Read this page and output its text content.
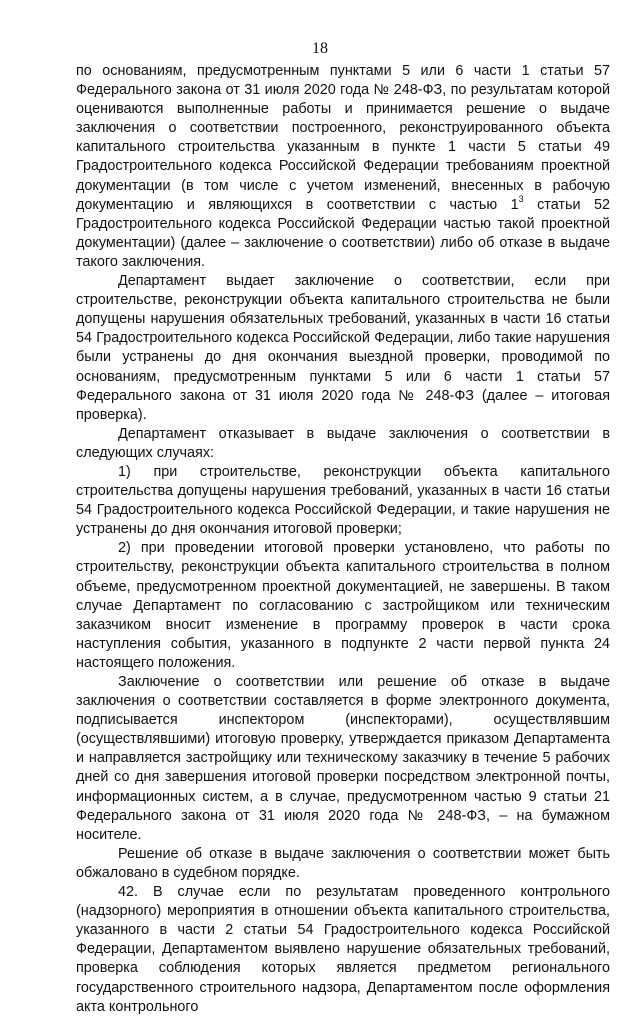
18

по основаниям, предусмотренным пунктами 5 или 6 части 1 статьи 57 Федерального закона от 31 июля 2020 года № 248-ФЗ, по результатам которой оцениваются выполненные работы и принимается решение о выдаче заключения о соответствии построенного, реконструированного объекта капитального строительства указанным в пункте 1 части 5 статьи 49 Градостроительного кодекса Российской Федерации требованиям проектной документации (в том числе с учетом изменений, внесенных в рабочую документацию и являющихся в соответствии с частью $1^3$ статьи 52 Градостроительного кодекса Российской Федерации частью такой проектной документации) (далее – заключение о соответствии) либо об отказе в выдаче такого заключения.

Департамент выдает заключение о соответствии, если при строительстве, реконструкции объекта капитального строительства не были допущены нарушения обязательных требований, указанных в части 16 статьи 54 Градостроительного кодекса Российской Федерации, либо такие нарушения были устранены до дня окончания выездной проверки, проводимой по основаниям, предусмотренным пунктами 5 или 6 части 1 статьи 57 Федерального закона от 31 июля 2020 года № 248-ФЗ (далее – итоговая проверка).

Департамент отказывает в выдаче заключения о соответствии в следующих случаях:

1) при строительстве, реконструкции объекта капитального строительства допущены нарушения требований, указанных в части 16 статьи 54 Градостроительного кодекса Российской Федерации, и такие нарушения не устранены до дня окончания итоговой проверки;

2) при проведении итоговой проверки установлено, что работы по строительству, реконструкции объекта капитального строительства в полном объеме, предусмотренном проектной документацией, не завершены. В таком случае Департамент по согласованию с застройщиком или техническим заказчиком вносит изменение в программу проверок в части срока наступления события, указанного в подпункте 2 части первой пункта 24 настоящего положения.

Заключение о соответствии или решение об отказе в выдаче заключения о соответствии составляется в форме электронного документа, подписывается инспектором (инспекторами), осуществлявшим (осуществлявшими) итоговую проверку, утверждается приказом Департамента и направляется застройщику или техническому заказчику в течение 5 рабочих дней со дня завершения итоговой проверки посредством электронной почты, информационных систем, а в случае, предусмотренном частью 9 статьи 21 Федерального закона от 31 июля 2020 года № 248-ФЗ, – на бумажном носителе.

Решение об отказе в выдаче заключения о соответствии может быть обжаловано в судебном порядке.

42. В случае если по результатам проведенного контрольного (надзорного) мероприятия в отношении объекта капитального строительства, указанного в части 2 статьи 54 Градостроительного кодекса Российской Федерации, Департаментом выявлено нарушение обязательных требований, проверка соблюдения которых является предметом регионального государственного строительного надзора, Департаментом после оформления акта контрольного
